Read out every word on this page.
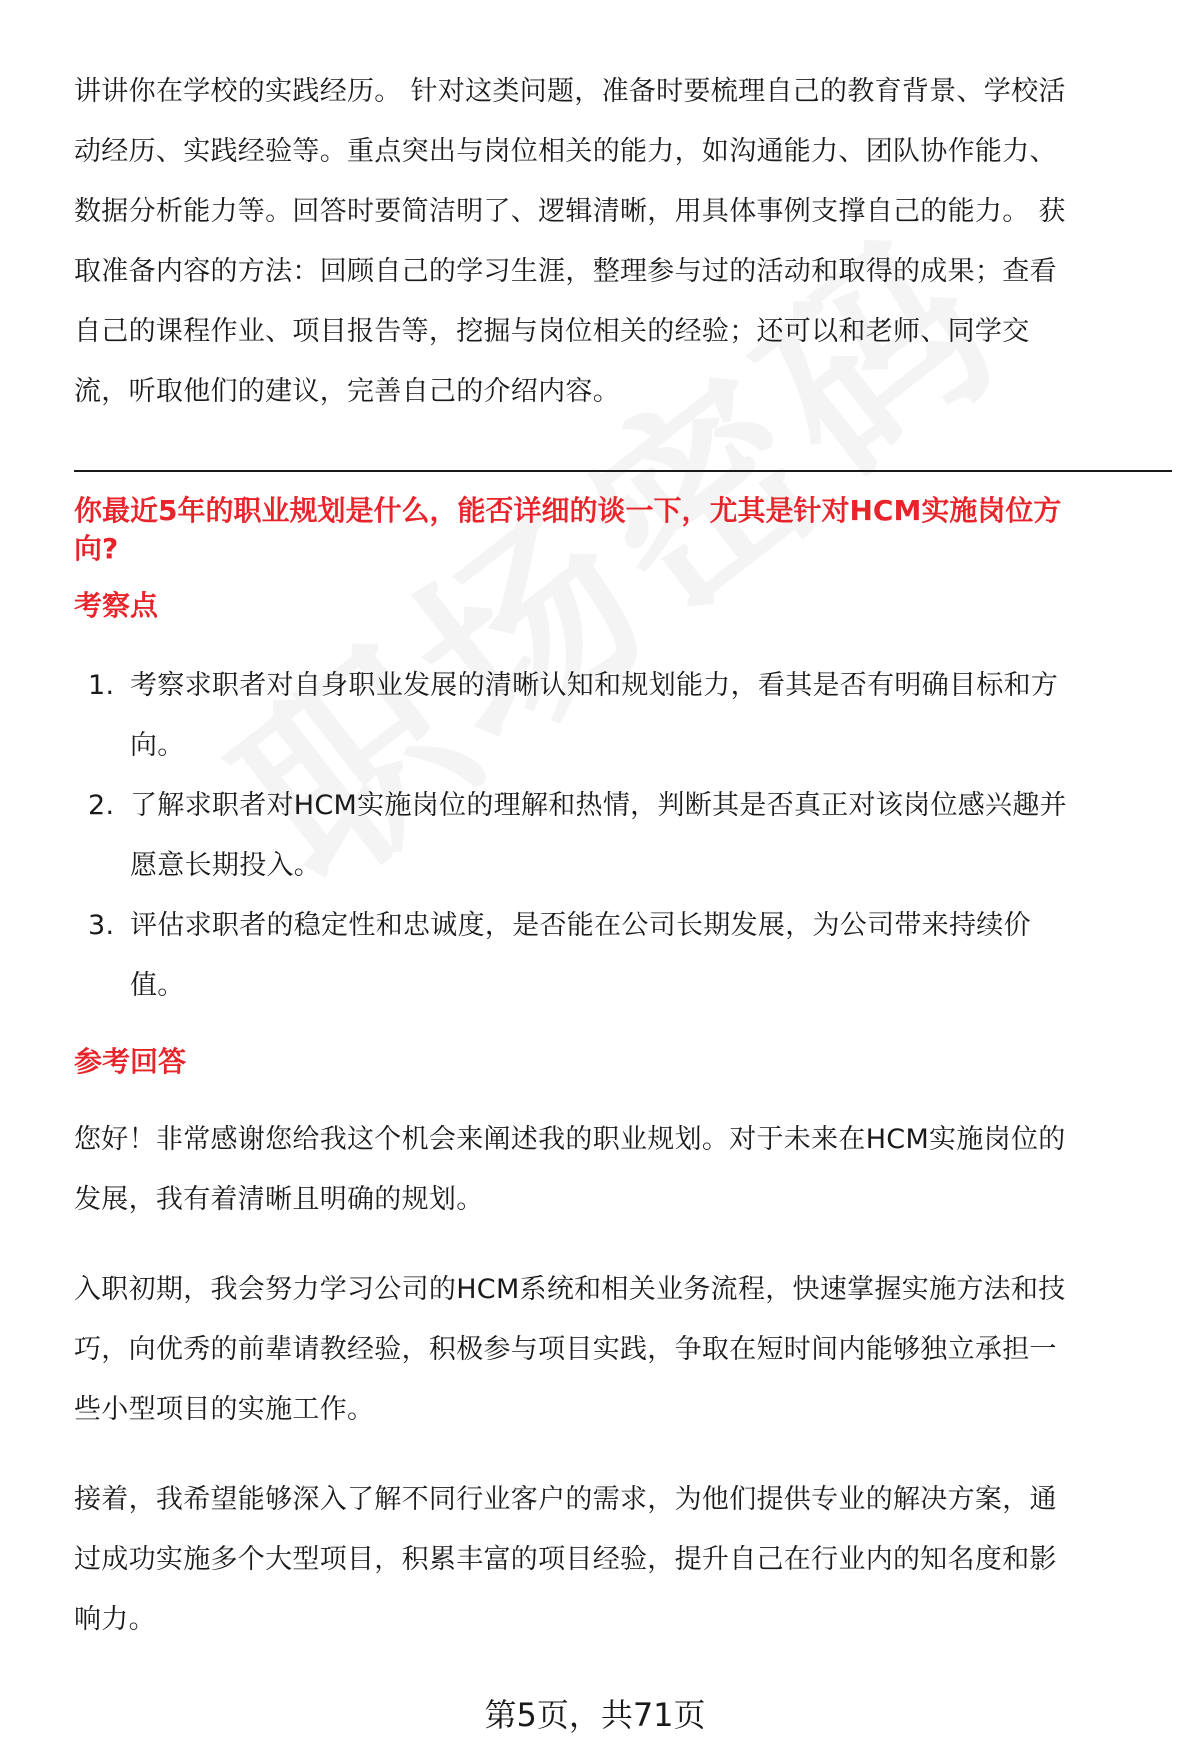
讲讲你在学校的实践经历。 针对这类问题，准备时要梳理自己的教育背景、学校活

动经历、实践经验等。重点突出与岗位相关的能力，如沟通能力、团队协作能力、

数据分析能力等。回答时要简洁明了、逻辑清晰，用具体事例支撑自己的能力。 获

取准备内容的方法：回顾自己的学习生涯，整理参与过的活动和取得的成果；查看

自己的课程作业、项目报告等，挖掘与岗位相关的经验；还可以和老师、同学交

流，听取他们的建议，完善自己的介绍内容。

你最近5年的职业规划是什么，能否详细的谈一下，尤其是针对HCM实施岗位方
向?

考察点

1. 考察求职者对自身职业发展的清晰认知和规划能力，看其是否有明确目标和方
向。
2. 了解求职者对HCM实施岗位的理解和热情，判断其是否真正对该岗位感兴趣并
愿意长期投入。
3. 评估求职者的稳定性和忠诚度，是否能在公司长期发展，为公司带来持续价
值。

参考回答

您好！非常感谢您给我这个机会来阐述我的职业规划。对于未来在HCM实施岗位的

发展，我有着清晰且明确的规划。

入职初期，我会努力学习公司的HCM系统和相关业务流程，快速掌握实施方法和技

巧，向优秀的前辈请教经验，积极参与项目实践，争取在短时间内能够独立承担一

些小型项目的实施工作。

接着，我希望能够深入了解不同行业客户的需求，为他们提供专业的解决方案，通

过成功实施多个大型项目，积累丰富的项目经验，提升自己在行业内的知名度和影

响力。

第5页，共71页
